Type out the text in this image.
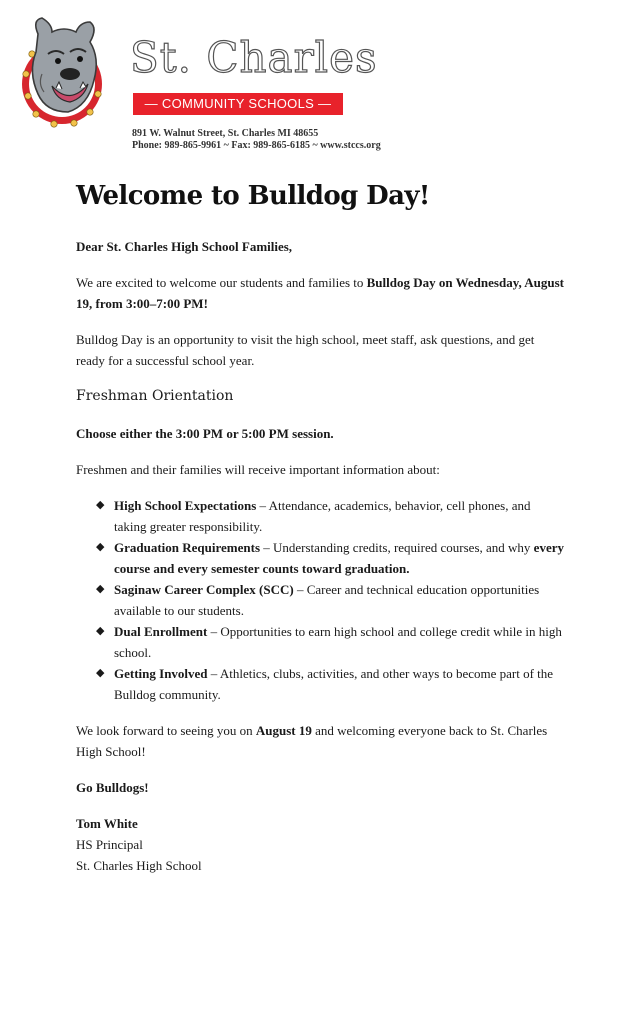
St. Charles
— COMMUNITY SCHOOLS —
891 W. Walnut Street, St. Charles MI 48655
Phone: 989-865-9961 ~ Fax: 989-865-6185 ~ www.stccs.org
Welcome to Bulldog Day!

Dear St. Charles High School Families,

We are excited to welcome our students and families to Bulldog Day on Wednesday, August 19, from 3:00–7:00 PM!

Bulldog Day is an opportunity to visit the high school, meet staff, ask questions, and get ready for a successful school year.

Freshman Orientation

Choose either the 3:00 PM or 5:00 PM session.

Freshmen and their families will receive important information about:

◆ High School Expectations – Attendance, academics, behavior, cell phones, and taking greater responsibility.
◆ Graduation Requirements – Understanding credits, required courses, and why every course and every semester counts toward graduation.
◆ Saginaw Career Complex (SCC) – Career and technical education opportunities available to our students.
◆ Dual Enrollment – Opportunities to earn high school and college credit while in high school.
◆ Getting Involved – Athletics, clubs, activities, and other ways to become part of the Bulldog community.

We look forward to seeing you on August 19 and welcoming everyone back to St. Charles High School!

Go Bulldogs!

Tom White

HS Principal

St. Charles High School
